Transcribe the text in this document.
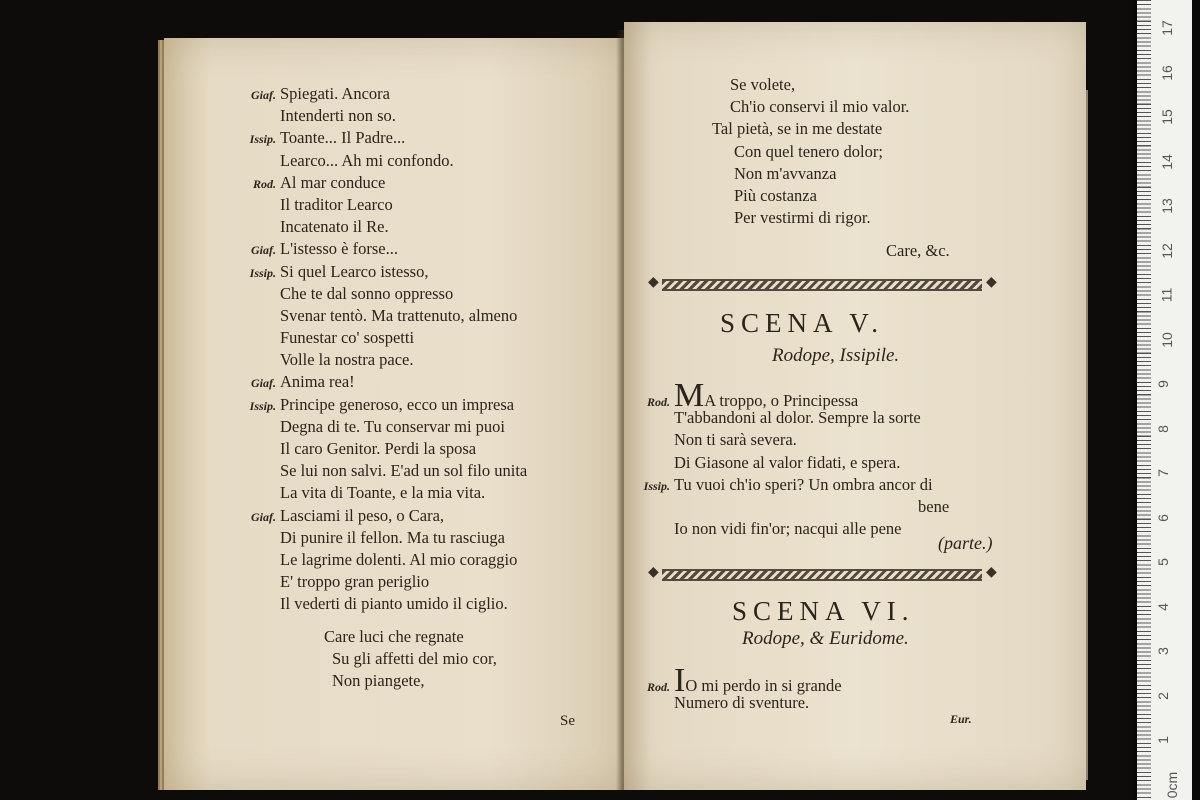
Giaf. Spiegati. Ancora
Intenderti non so.
Issip. Toante... Il Padre...
Learco... Ah mi confondo.
Rod. Al mar conduce
Il traditor Learco
Incatenato il Re.
Giaf. L'istesso è forse...
Issip. Si quel Learco istesso,
Che te dal sonno oppresso
Svenar tentò. Ma trattenuto, almeno
Funestar co' sospetti
Volle la nostra pace.
Giaf. Anima rea!
Issip. Principe generoso, ecco un impresa
Degna di te. Tu conservar mi puoi
Il caro Genitor. Perdi la sposa
Se lui non salvi. E'ad un sol filo unita
La vita di Toante, e la mia vita.
Giaf. Lasciami il peso, o Cara,
Di punire il fellon. Ma tu rasciuga
Le lagrime dolenti. Al mio coraggio
E' troppo gran periglio
Il vederti di pianto umido il ciglio.
Care luci che regnate
Su gli affetti del mio cor,
Non piangete,
Se
Se volete,
Ch'io conservi il mio valor.
Tal pietà, se in me destate
Con quel tenero dolor;
Non m'avvanza
Più costanza
Per vestirmi di rigor.
Care, &c.
◆	◆
SCENA V.
Rodope, Issipile.
Rod. MA troppo, o Principessa
T'abbandoni al dolor. Sempre la sorte
Non ti sarà severa.
Di Giasone al valor fidati, e spera.
Issip. Tu vuoi ch'io speri? Un ombra ancor di
bene
Io non vidi fin'or; nacqui alle pene
(parte.)
◆	◆
SCENA VI.
Rodope, & Euridome.
Rod. IO mi perdo in si grande
Numero di sventure.
Eur.
17
16
15
14
13
12
11
10
9
8
7
6
5
4
3
2
1
0cm
